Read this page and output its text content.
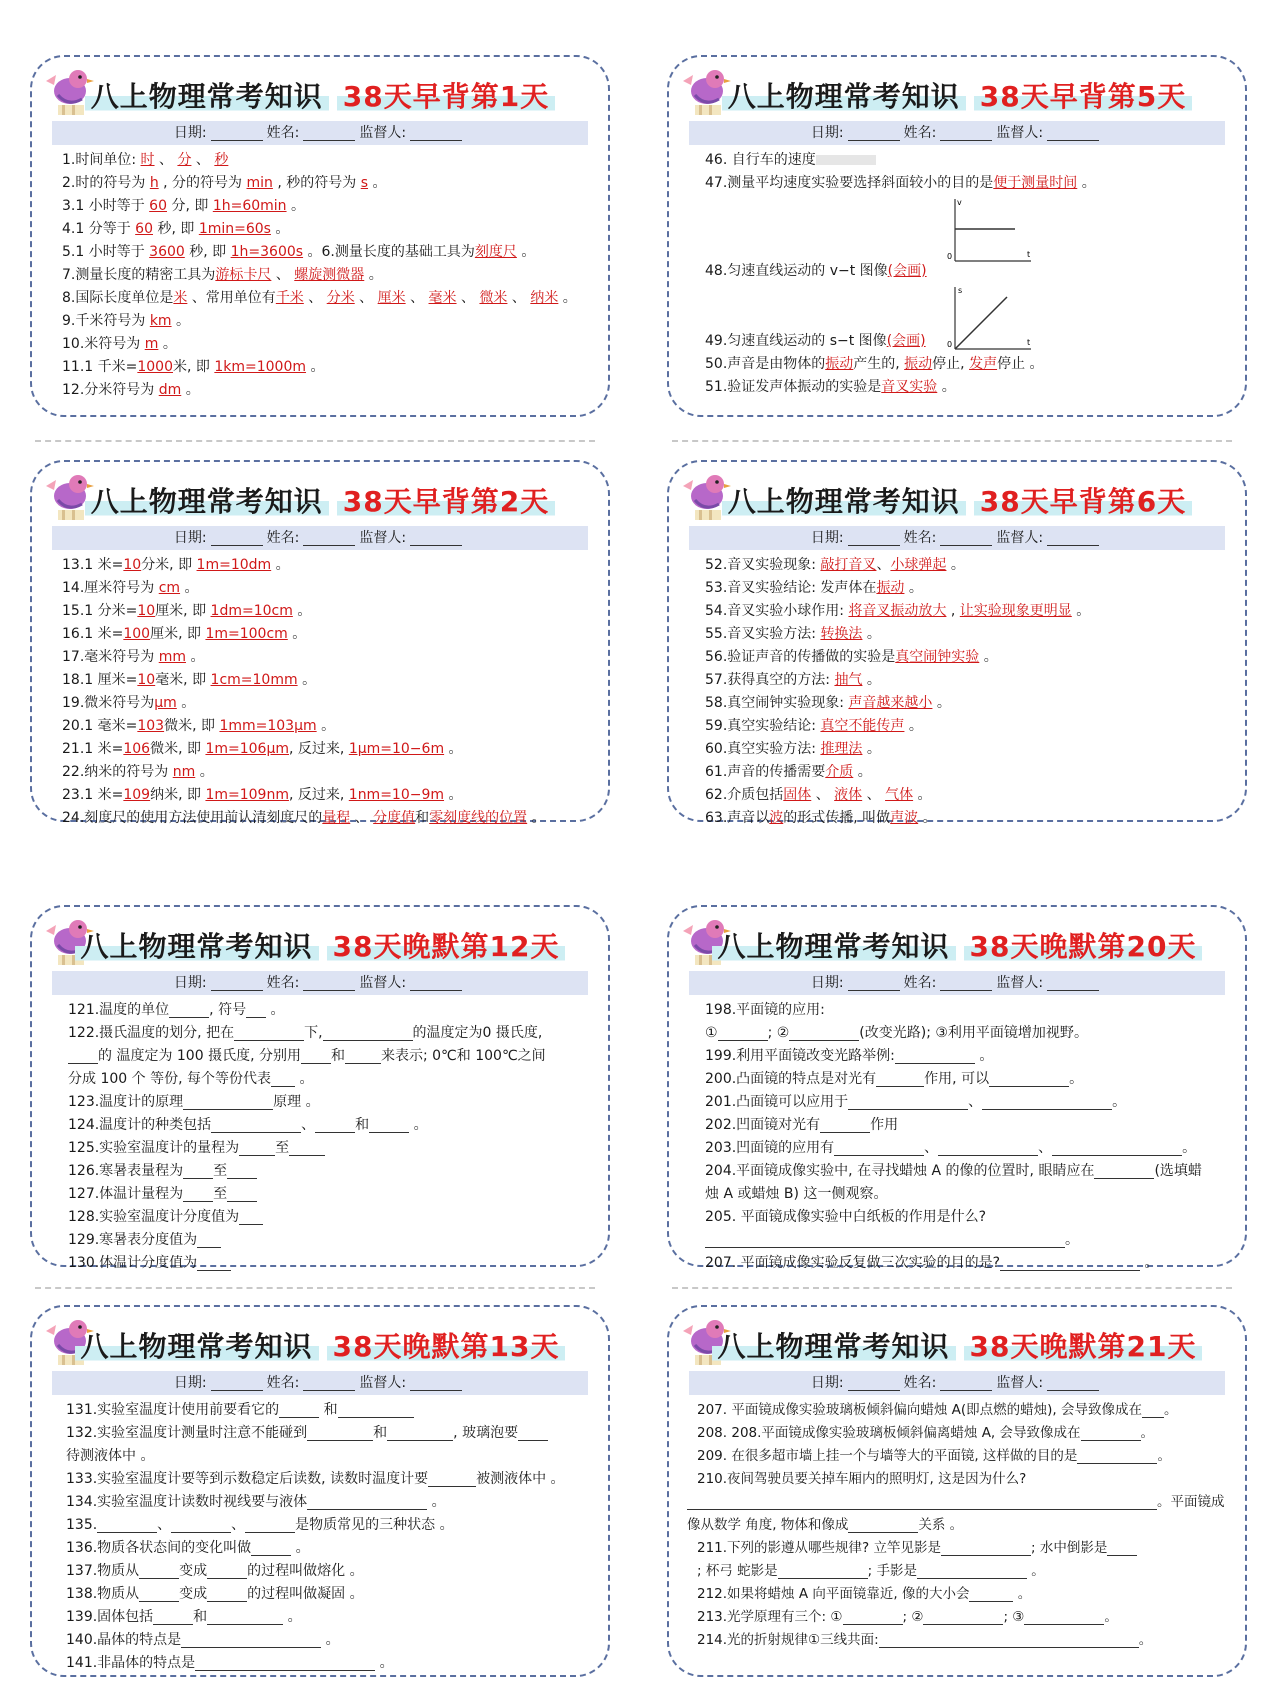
八上物理常考知识 38天早背第1天
日期:	姓名:	监督人:
1.时间单位: 时 、 分 、 秒
2.时的符号为 h , 分的符号为 min , 秒的符号为 s 。
3.1 小时等于 60 分, 即 1h=60min 。
4.1 分等于 60 秒, 即 1min=60s 。
5.1 小时等于 3600 秒, 即 1h=3600s 。6.测量长度的基础工具为刻度尺 。
7.测量长度的精密工具为游标卡尺 、 螺旋测微器 。
8.国际长度单位是米 、常用单位有千米 、 分米 、 厘米 、 毫米 、 微米 、 纳米 。
9.千米符号为 km 。
10.米符号为 m 。
11.1 千米=1000米, 即 1km=1000m 。
12.分米符号为 dm 。
八上物理常考知识 38天早背第5天
日期:	姓名:	监督人:
46. 自行车的速度
47.测量平均速度实验要选择斜面较小的目的是便于测量时间 。
48.匀速直线运动的 v−t 图像(会画)
v
t
0
49.匀速直线运动的 s−t 图像(会画)
s
t
0
50.声音是由物体的振动产生的, 振动停止, 发声停止 。
51.验证发声体振动的实验是音叉实验 。
八上物理常考知识 38天早背第2天
日期:	姓名:	监督人:
13.1 米=10分米, 即 1m=10dm 。
14.厘米符号为 cm 。
15.1 分米=10厘米, 即 1dm=10cm 。
16.1 米=100厘米, 即 1m=100cm 。
17.毫米符号为 mm 。
18.1 厘米=10毫米, 即 1cm=10mm 。
19.微米符号为μm 。
20.1 毫米=103微米, 即 1mm=103μm 。
21.1 米=106微米, 即 1m=106μm, 反过来, 1μm=10−6m 。
22.纳米的符号为 nm 。
23.1 米=109纳米, 即 1m=109nm, 反过来, 1nm=10−9m 。
24.刻度尺的使用方法使用前认清刻度尺的量程 、 分度值和零刻度线的位置 。
八上物理常考知识 38天早背第6天
日期:	姓名:	监督人:
52.音叉实验现象: 敲打音叉、小球弹起 。
53.音叉实验结论: 发声体在振动 。
54.音叉实验小球作用: 将音叉振动放大 , 让实验现象更明显 。
55.音叉实验方法: 转换法 。
56.验证声音的传播做的实验是真空闹钟实验 。
57.获得真空的方法: 抽气 。
58.真空闹钟实验现象: 声音越来越小 。
59.真空实验结论: 真空不能传声 。
60.真空实验方法: 推理法 。
61.声音的传播需要介质 。
62.介质包括固体 、 液体 、 气体 。
63.声音以波的形式传播, 叫做声波 。
八上物理常考知识 38天晚默第12天
日期:	姓名:	监督人:
121.温度的单位	, 符号 。
122.摄氏温度的划分, 把在	下,	的温度定为0 摄氏度,
的 温度定为 100 摄氏度, 分别用 和	来表示; 0℃和 100℃之间
分成 100 个 等份, 每个等份代表 。
123.温度计的原理	原理 。
124.温度计的种类包括	、	和	。
125.实验室温度计的量程为	至
126.寒暑表量程为 至
127.体温计量程为 至
128.实验室温度计分度值为
129.寒暑表分度值为
130.体温计分度值为
八上物理常考知识 38天晚默第20天
日期:	姓名:	监督人:
198.平面镜的应用:
①	; ②	(改变光路); ③利用平面镜增加视野。
199.利用平面镜改变光路举例:	。
200.凸面镜的特点是对光有	作用, 可以	。
201.凸面镜可以应用于	、	。
202.凹面镜对光有	作用
203.凹面镜的应用有	、	、	。
204.平面镜成像实验中, 在寻找蜡烛 A 的像的位置时, 眼睛应在	(选填蜡
烛 A 或蜡烛 B) 这一侧观察。
205. 平面镜成像实验中白纸板的作用是什么?
。
207. 平面镜成像实验反复做三次实验的目的是?	。
八上物理常考知识 38天晚默第13天
日期:	姓名:	监督人:
131.实验室温度计使用前要看它的	和
132.实验室温度计测量时注意不能碰到	和	, 玻璃泡要
待测液体中 。
133.实验室温度计要等到示数稳定后读数, 读数时温度计要	被测液体中 。
134.实验室温度计读数时视线要与液体	。
135.	、	、	是物质常见的三种状态 。
136.物质各状态间的变化叫做	。
137.物质从	变成	的过程叫做熔化 。
138.物质从	变成	的过程叫做凝固 。
139.固体包括	和	。
140.晶体的特点是	。
141.非晶体的特点是	。
八上物理常考知识 38天晚默第21天
日期:	姓名:	监督人:
207. 平面镜成像实验玻璃板倾斜偏向蜡烛 A(即点燃的蜡烛), 会导致像成在 。
208. 208.平面镜成像实验玻璃板倾斜偏离蜡烛 A, 会导致像成在	。
209. 在很多超市墙上挂一个与墙等大的平面镜, 这样做的目的是	。
210.夜间驾驶员要关掉车厢内的照明灯, 这是因为什么?
。平面镜成
像从数学 角度, 物体和像成	关系 。
211.下列的影遵从哪些规律? 立竿见影是	; 水中倒影是
; 杯弓 蛇影是	; 手影是	。
212.如果将蜡烛 A 向平面镜靠近, 像的大小会	。
213.光学原理有三个: ①	; ②	; ③	。
214.光的折射规律①三线共面:	。
